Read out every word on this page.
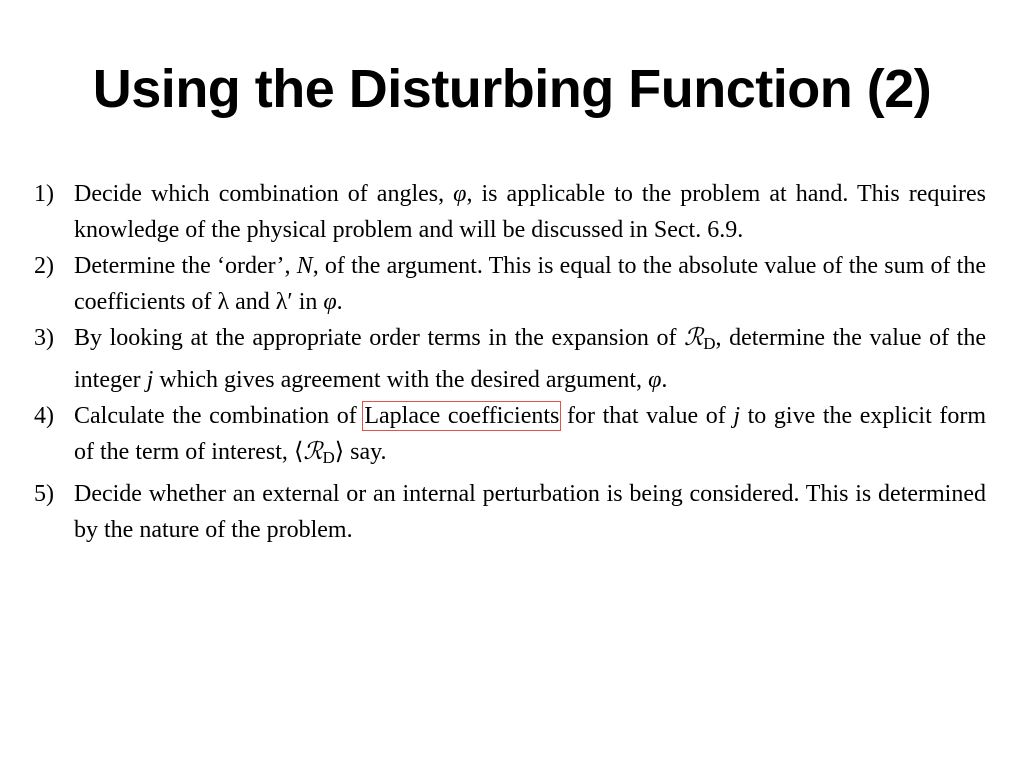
Using the Disturbing Function (2)
1) Decide which combination of angles, φ, is applicable to the problem at hand. This requires knowledge of the physical problem and will be discussed in Sect. 6.9.
2) Determine the ‘order’, N, of the argument. This is equal to the absolute value of the sum of the coefficients of λ and λ′ in φ.
3) By looking at the appropriate order terms in the expansion of ℛD, determine the value of the integer j which gives agreement with the desired argument, φ.
4) Calculate the combination of Laplace coefficients for that value of j to give the explicit form of the term of interest, ⟨ℛD⟩ say.
5) Decide whether an external or an internal perturbation is being considered. This is determined by the nature of the problem.
